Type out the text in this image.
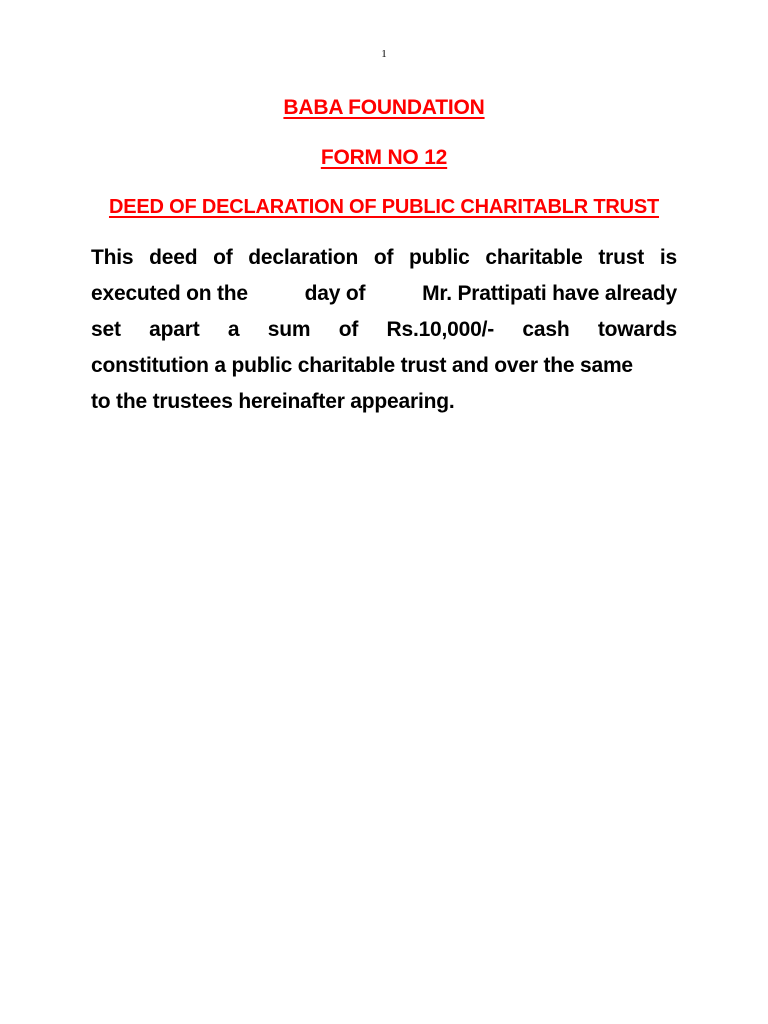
1
BABA FOUNDATION
FORM NO 12
DEED OF DECLARATION OF PUBLIC CHARITABLR TRUST
This deed of declaration of public charitable trust is
executed on the	day of	Mr. Prattipati have already
set apart a sum of Rs.10,000/- cash towards
constitution a public charitable trust and over the same
to the trustees hereinafter appearing.
